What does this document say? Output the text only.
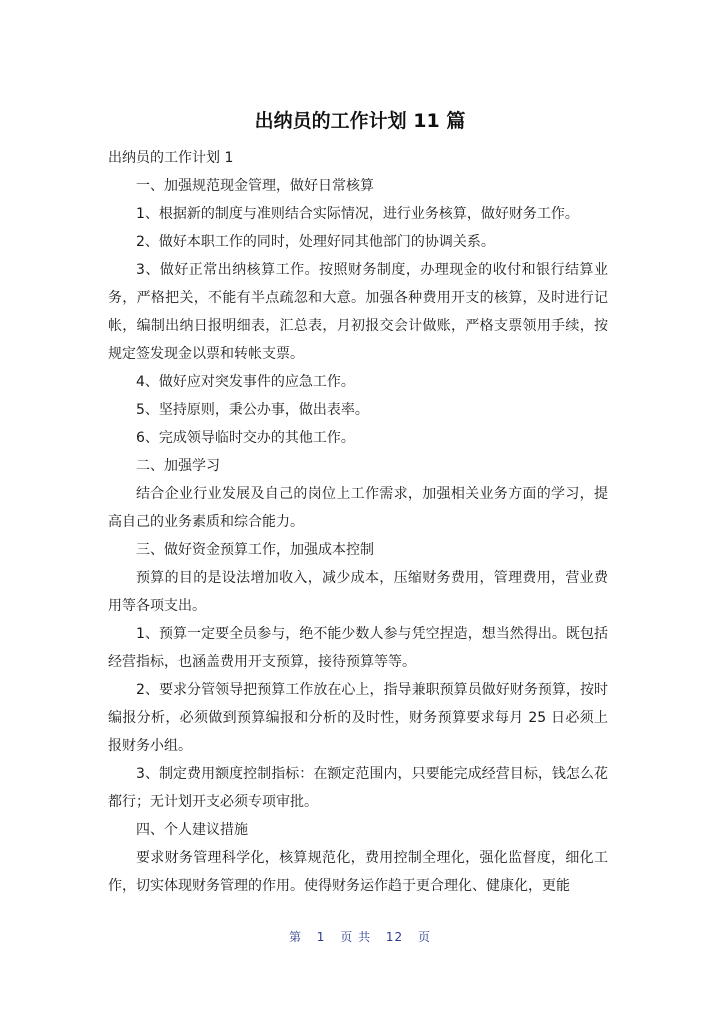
出纳员的工作计划 11 篇

出纳员的工作计划 1

一、加强规范现金管理，做好日常核算

1、根据新的制度与准则结合实际情况，进行业务核算，做好财务工作。

2、做好本职工作的同时，处理好同其他部门的协调关系。

3、做好正常出纳核算工作。按照财务制度，办理现金的收付和银行结算业务，严格把关，不能有半点疏忽和大意。加强各种费用开支的核算，及时进行记帐，编制出纳日报明细表，汇总表，月初报交会计做账，严格支票领用手续，按规定签发现金以票和转帐支票。

4、做好应对突发事件的应急工作。

5、坚持原则，秉公办事，做出表率。

6、完成领导临时交办的其他工作。

二、加强学习

结合企业行业发展及自己的岗位上工作需求，加强相关业务方面的学习，提高自己的业务素质和综合能力。

三、做好资金预算工作，加强成本控制

预算的目的是设法增加收入，减少成本，压缩财务费用，管理费用，营业费用等各项支出。

1、预算一定要全员参与，绝不能少数人参与凭空捏造，想当然得出。既包括经营指标，也涵盖费用开支预算，接待预算等等。

2、要求分管领导把预算工作放在心上，指导兼职预算员做好财务预算，按时编报分析，必须做到预算编报和分析的及时性，财务预算要求每月 25 日必须上报财务小组。

3、制定费用额度控制指标：在额定范围内，只要能完成经营目标，钱怎么花都行；无计划开支必须专项审批。

四、个人建议措施

要求财务管理科学化，核算规范化，费用控制全理化，强化监督度，细化工作，切实体现财务管理的作用。使得财务运作趋于更合理化、健康化，更能

第 1 页 共 12 页
